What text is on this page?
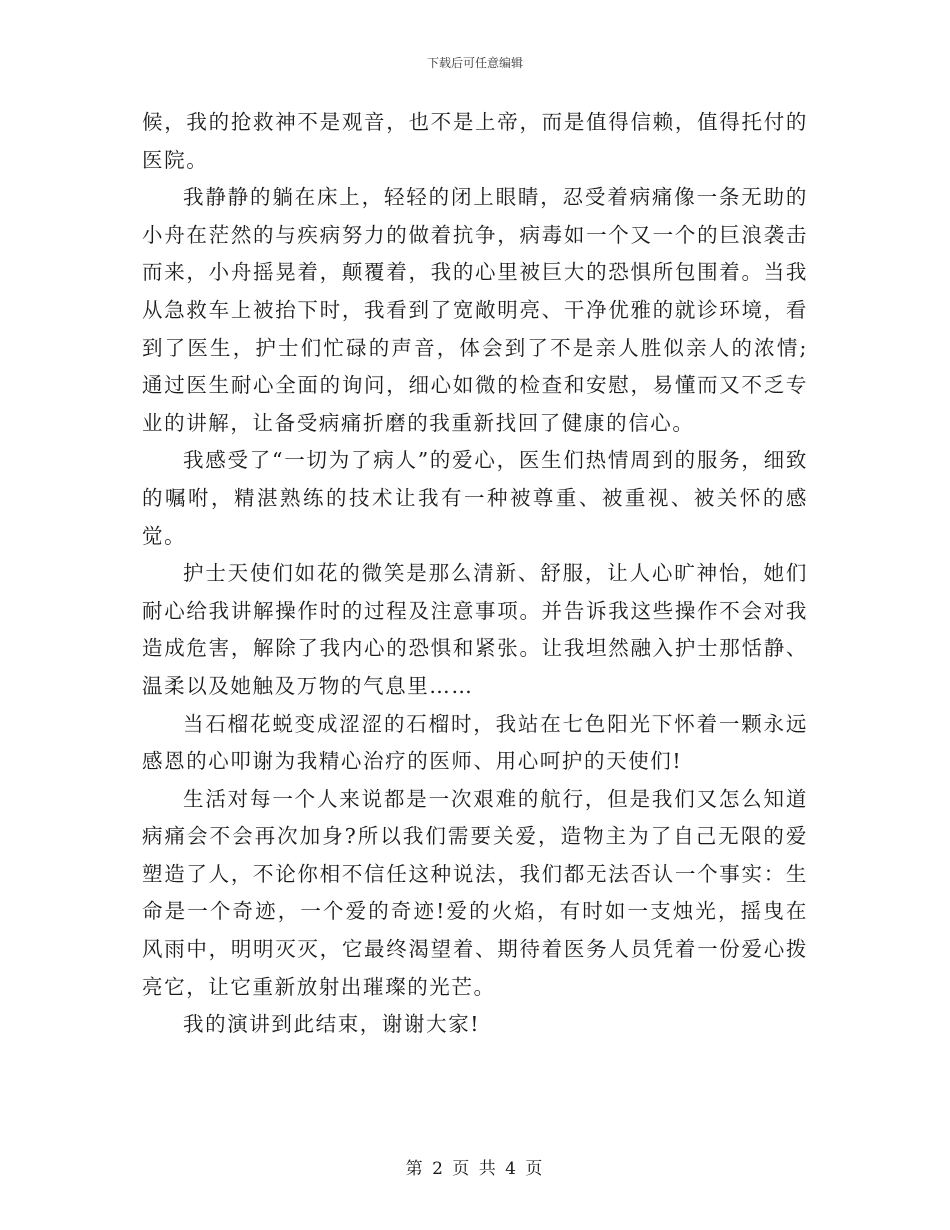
下载后可任意编辑

候，我的抢救神不是观音，也不是上帝，而是值得信赖，值得托付的医院。

我静静的躺在床上，轻轻的闭上眼睛，忍受着病痛像一条无助的小舟在茫然的与疾病努力的做着抗争，病毒如一个又一个的巨浪袭击而来，小舟摇晃着，颠覆着，我的心里被巨大的恐惧所包围着。当我从急救车上被抬下时，我看到了宽敞明亮、干净优雅的就诊环境，看到了医生，护士们忙碌的声音，体会到了不是亲人胜似亲人的浓情;通过医生耐心全面的询问，细心如微的检查和安慰，易懂而又不乏专业的讲解，让备受病痛折磨的我重新找回了健康的信心。

我感受了“一切为了病人”的爱心，医生们热情周到的服务，细致的嘱咐，精湛熟练的技术让我有一种被尊重、被重视、被关怀的感觉。

护士天使们如花的微笑是那么清新、舒服，让人心旷神怡，她们耐心给我讲解操作时的过程及注意事项。并告诉我这些操作不会对我造成危害，解除了我内心的恐惧和紧张。让我坦然融入护士那恬静、温柔以及她触及万物的气息里……

当石榴花蜕变成涩涩的石榴时，我站在七色阳光下怀着一颗永远感恩的心叩谢为我精心治疗的医师、用心呵护的天使们!

生活对每一个人来说都是一次艰难的航行，但是我们又怎么知道病痛会不会再次加身?所以我们需要关爱，造物主为了自己无限的爱塑造了人，不论你相不信任这种说法，我们都无法否认一个事实：生命是一个奇迹，一个爱的奇迹!爱的火焰，有时如一支烛光，摇曳在风雨中，明明灭灭，它最终渴望着、期待着医务人员凭着一份爱心拨亮它，让它重新放射出璀璨的光芒。

我的演讲到此结束，谢谢大家!

第 2 页 共 4 页
